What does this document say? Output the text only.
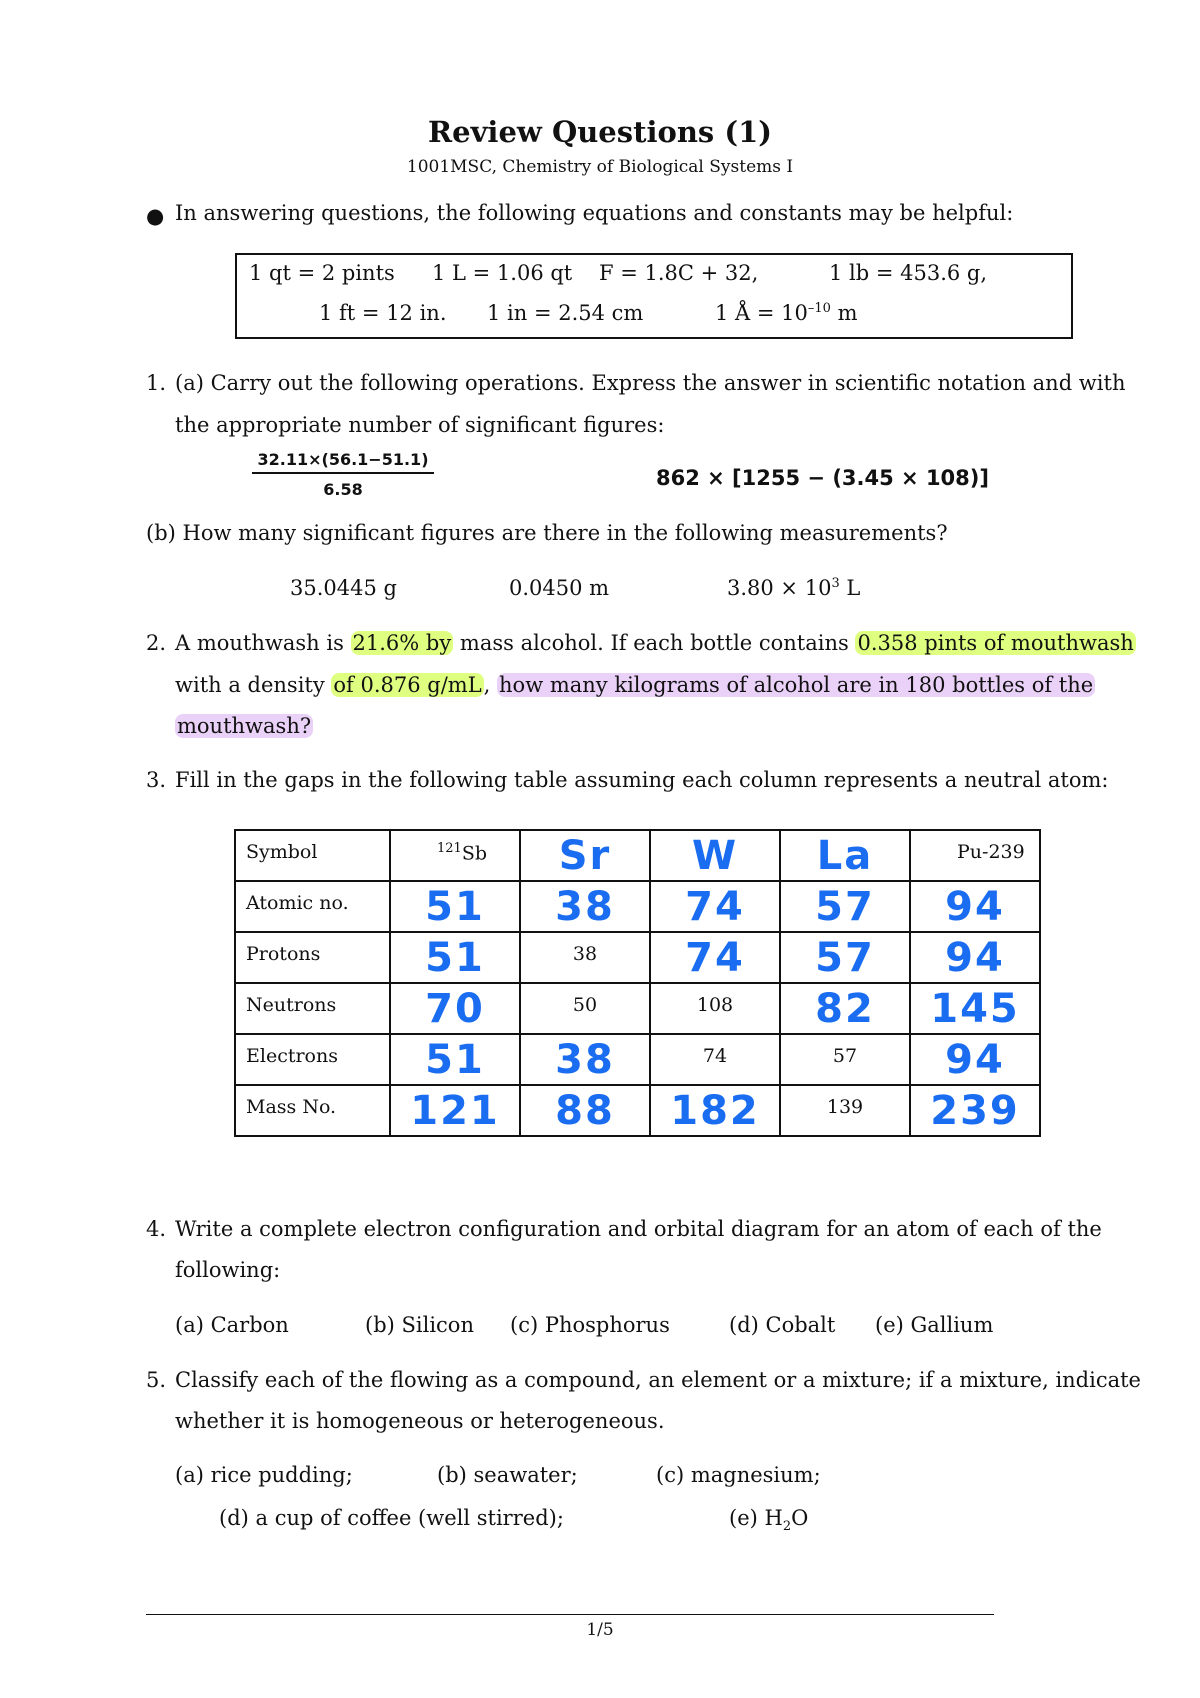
Review Questions (1)
1001MSC, Chemistry of Biological Systems I
● In answering questions, the following equations and constants may be helpful:
1 qt = 2 pints 1 L = 1.06 qt F = 1.8C + 32,	1 lb = 453.6 g,
1 ft = 12 in. 1 in = 2.54 cm	1 Å = $10^{-10}$ m
1. (a) Carry out the following operations. Express the answer in scientific notation and with
the appropriate number of significant figures:
32.11×(56.1−51.1)
6.58	862 × [1255 − (3.45 × 108)]
(b) How many significant figures are there in the following measurements?
35.0445 g	0.0450 m	$3.80 \times 10^3$ L
2. A mouthwash is 21.6% by mass alcohol. If each bottle contains 0.358 pints of mouthwash
with a density of 0.876 g/mL, how many kilograms of alcohol are in 180 bottles of the
mouthwash?
3. Fill in the gaps in the following table assuming each column represents a neutral atom:
Symbol	$^{121}$Sb	Sr	W	La	Pu-239

Atomic no.	51	38	74	57	94

Protons	51	38	74	57	94

Neutrons	70	50	108	82	145

Electrons	51	38	74	57	94

Mass No.	121	88	182	139	239
4. Write a complete electron configuration and orbital diagram for an atom of each of the
following:
(a) Carbon	(b) Silicon (c) Phosphorus	(d) Cobalt (e) Gallium
5. Classify each of the flowing as a compound, an element or a mixture; if a mixture, indicate
whether it is homogeneous or heterogeneous.
(a) rice pudding;	(b) seawater;	(c) magnesium;
(d) a cup of coffee (well stirred);	(e) $H_2O$
1/5
